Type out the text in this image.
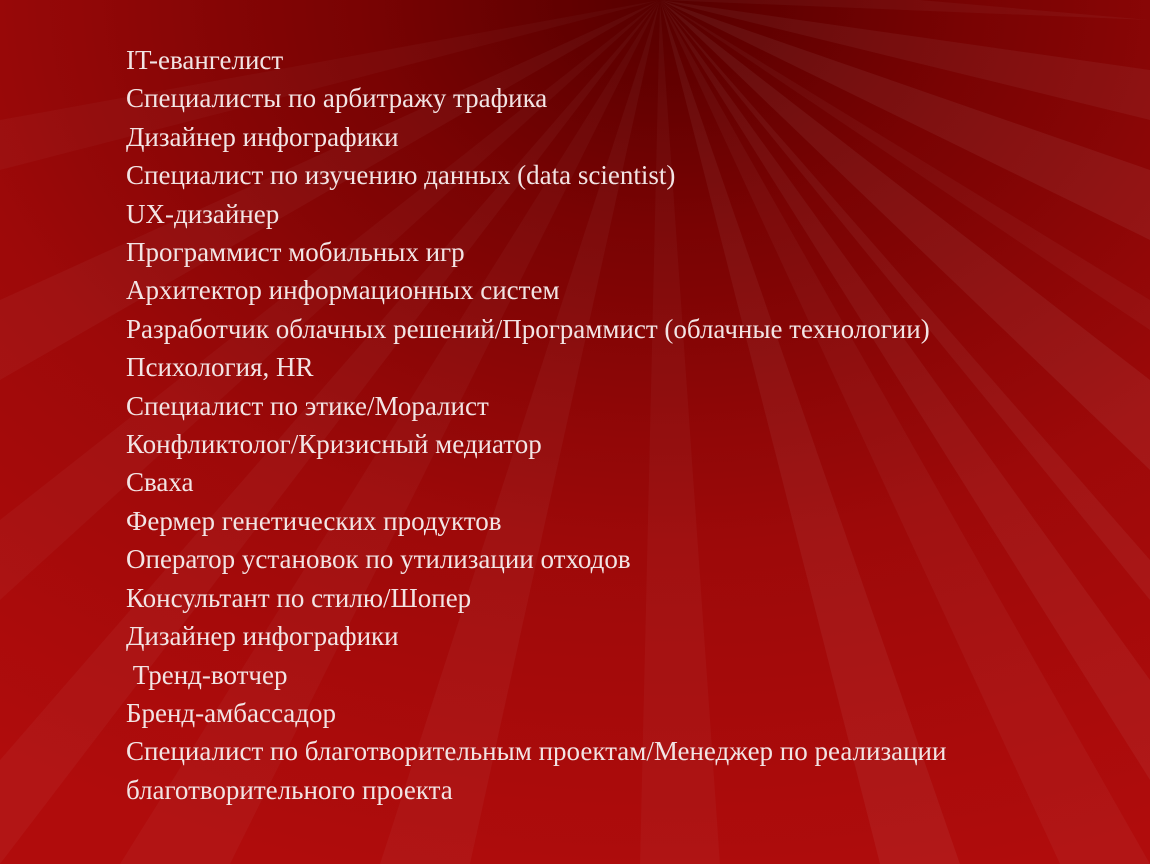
IT-евангелист
Специалисты по арбитражу трафика
Дизайнер инфографики
Специалист по изучению данных (data scientist)
UX-дизайнер
Программист мобильных игр
Архитектор информационных систем
Разработчик облачных решений/Программист (облачные технологии)
Психология, HR
Специалист по этике/Моралист
Конфликтолог/Кризисный медиатор
Сваха
Фермер генетических продуктов
Оператор установок по утилизации отходов
Консультант по стилю/Шопер
Дизайнер инфографики
Тренд-вотчер
Бренд-амбассадор
Специалист по благотворительным проектам/Менеджер по реализации благотворительного проекта
